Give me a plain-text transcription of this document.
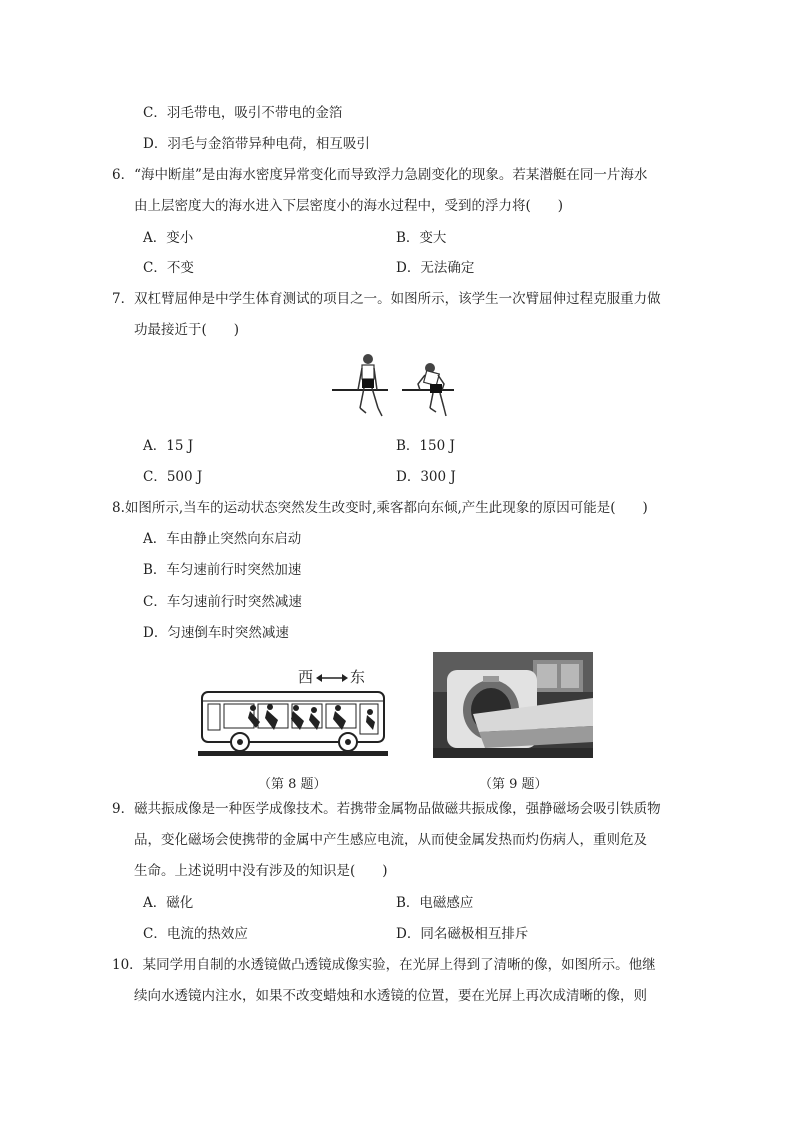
C．羽毛带电，吸引不带电的金箔
D．羽毛与金箔带异种电荷，相互吸引
6．“海中断崖”是由海水密度异常变化而导致浮力急剧变化的现象。若某潜艇在同一片海水
由上层密度大的海水进入下层密度小的海水过程中，受到的浮力将(　　)
A．变小	B．变大
C．不变	D．无法确定
7．双杠臂屈伸是中学生体育测试的项目之一。如图所示，该学生一次臂屈伸过程克服重力做
功最接近于(　　)
A．15 J	B．150 J
C．500 J	D．300 J
8.如图所示,当车的运动状态突然发生改变时,乘客都向东倾,产生此现象的原因可能是(　　)
A．车由静止突然向东启动
B．车匀速前行时突然加速
C．车匀速前行时突然减速
D．匀速倒车时突然减速
西 东
（第 8 题）	（第 9 题）
9．磁共振成像是一种医学成像技术。若携带金属物品做磁共振成像，强静磁场会吸引铁质物
品，变化磁场会使携带的金属中产生感应电流，从而使金属发热而灼伤病人，重则危及
生命。上述说明中没有涉及的知识是(　　)
A．磁化	B．电磁感应
C．电流的热效应	D．同名磁极相互排斥
10．某同学用自制的水透镜做凸透镜成像实验，在光屏上得到了清晰的像，如图所示。他继
续向水透镜内注水，如果不改变蜡烛和水透镜的位置，要在光屏上再次成清晰的像，则
